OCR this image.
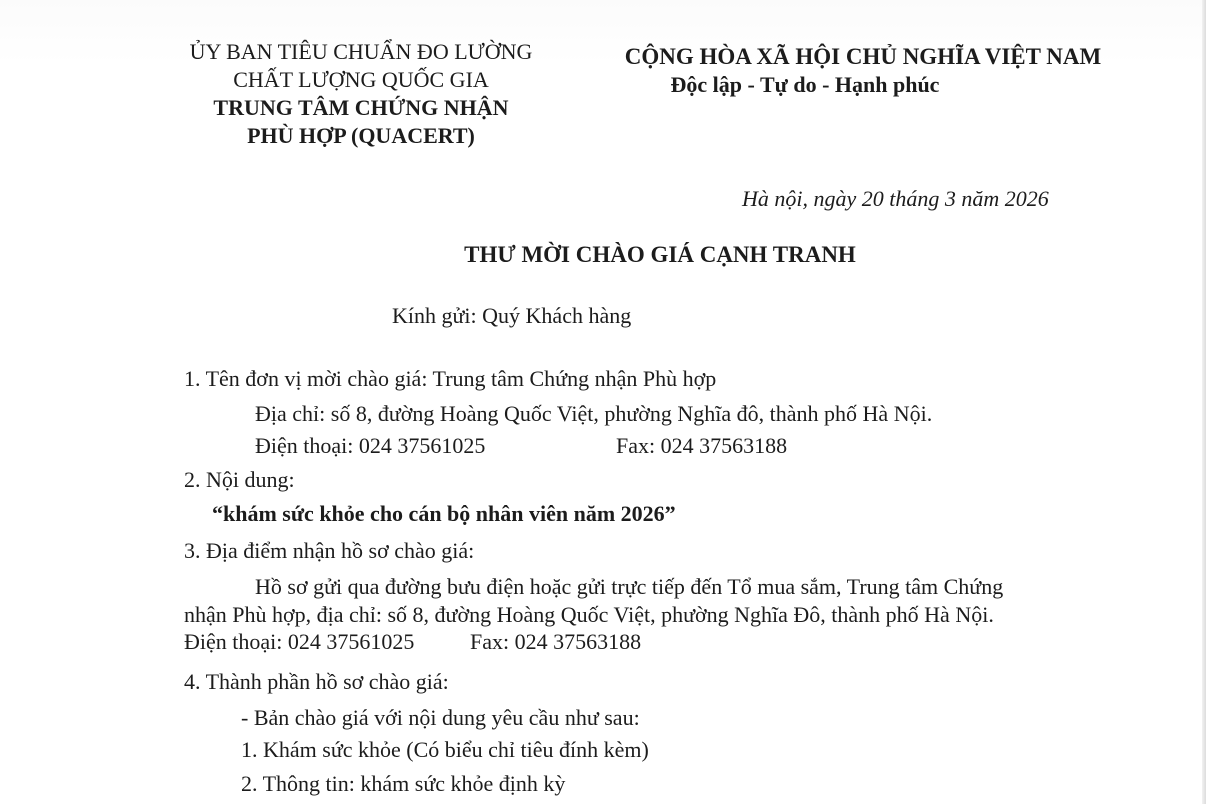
ỦY BAN TIÊU CHUẨN ĐO LƯỜNG
CHẤT LƯỢNG QUỐC GIA
TRUNG TÂM CHỨNG NHẬN
PHÙ HỢP (QUACERT)
CỘNG HÒA XÃ HỘI CHỦ NGHĨA VIỆT NAM
Độc lập - Tự do - Hạnh phúc
Hà nội, ngày 20 tháng 3 năm 2026
THƯ MỜI CHÀO GIÁ CẠNH TRANH
Kính gửi: Quý Khách hàng
1. Tên đơn vị mời chào giá: Trung tâm Chứng nhận Phù hợp
Địa chỉ: số 8, đường Hoàng Quốc Việt, phường Nghĩa đô, thành phố Hà Nội.
Điện thoại: 024 37561025	Fax: 024 37563188
2. Nội dung:
“khám sức khỏe cho cán bộ nhân viên năm 2026”
3. Địa điểm nhận hồ sơ chào giá:
Hồ sơ gửi qua đường bưu điện hoặc gửi trực tiếp đến Tổ mua sắm, Trung tâm Chứng
nhận Phù hợp, địa chỉ: số 8, đường Hoàng Quốc Việt, phường Nghĩa Đô, thành phố Hà Nội.
Điện thoại: 024 37561025	Fax: 024 37563188
4. Thành phần hồ sơ chào giá:
- Bản chào giá với nội dung yêu cầu như sau:
1. Khám sức khỏe (Có biểu chỉ tiêu đính kèm)
2. Thông tin: khám sức khỏe định kỳ
